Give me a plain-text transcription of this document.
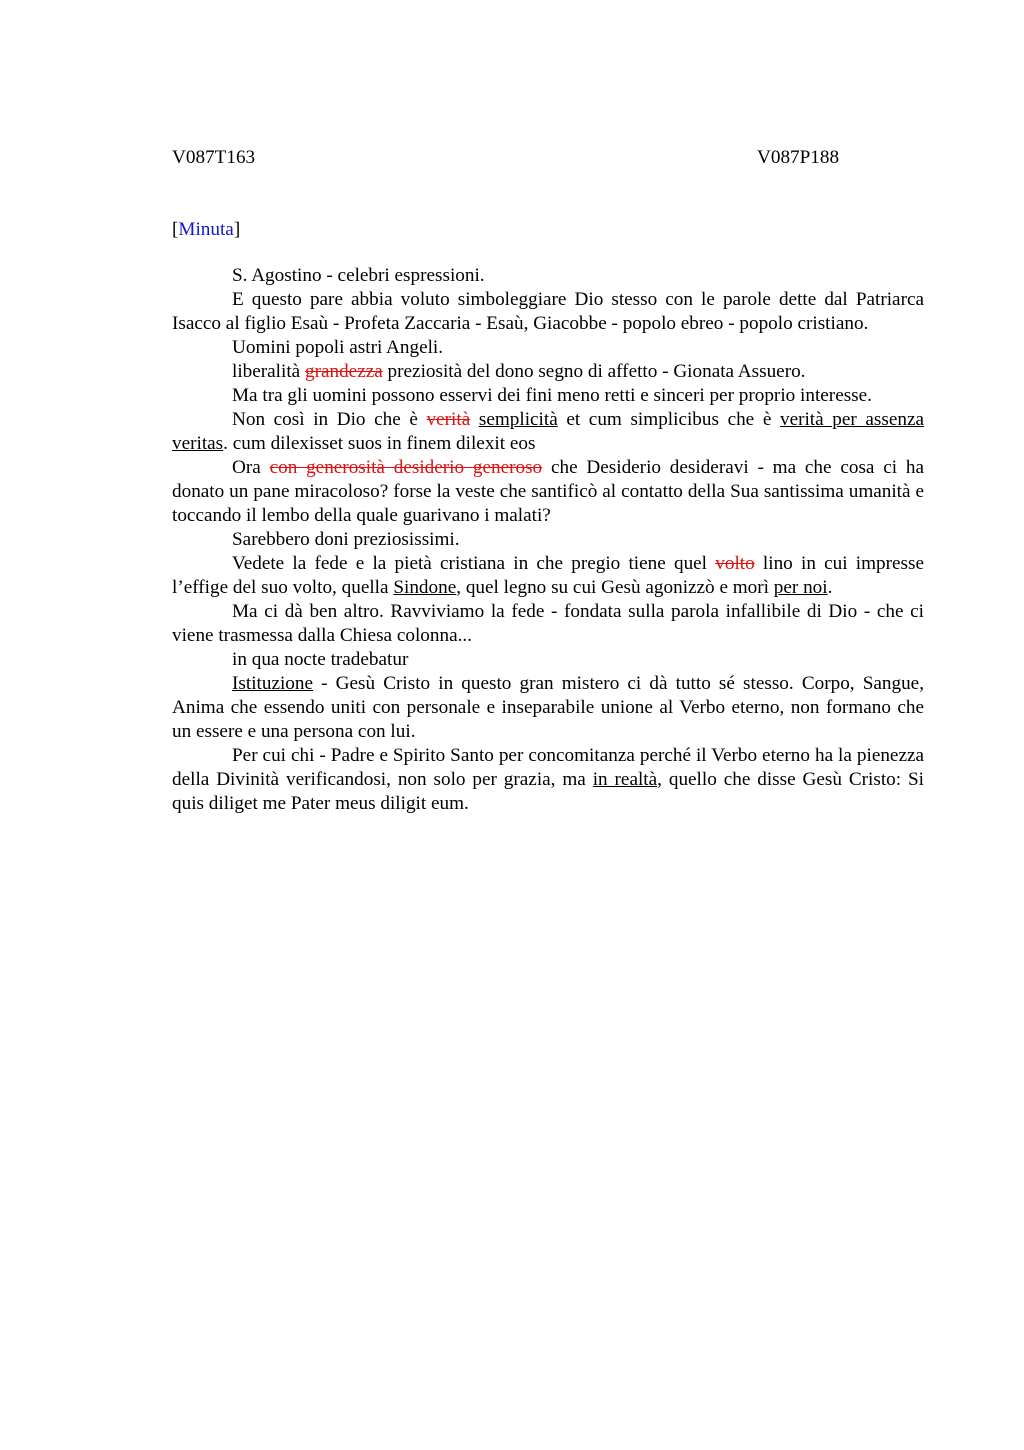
V087T163	V087P188
[Minuta]

S. Agostino - celebri espressioni.

E questo pare abbia voluto simboleggiare Dio stesso con le parole dette dal Patriarca Isacco al figlio Esaù - Profeta Zaccaria - Esaù, Giacobbe - popolo ebreo - popolo cristiano.

Uomini popoli astri Angeli.

liberalità grandezza preziosità del dono segno di affetto - Gionata Assuero.

Ma tra gli uomini possono esservi dei fini meno retti e sinceri per proprio interesse.

Non così in Dio che è verità semplicità et cum simplicibus che è verità per assenza veritas. cum dilexisset suos in finem dilexit eos

Ora con generosità desiderio generoso che Desiderio desideravi - ma che cosa ci ha donato un pane miracoloso? forse la veste che santificò al contatto della Sua santissima umanità e toccando il lembo della quale guarivano i malati?

Sarebbero doni preziosissimi.

Vedete la fede e la pietà cristiana in che pregio tiene quel volto lino in cui impresse l’effige del suo volto, quella Sindone, quel legno su cui Gesù agonizzò e morì per noi.

Ma ci dà ben altro. Ravviviamo la fede - fondata sulla parola infallibile di Dio - che ci viene trasmessa dalla Chiesa colonna...

in qua nocte tradebatur

Istituzione - Gesù Cristo in questo gran mistero ci dà tutto sé stesso. Corpo, Sangue, Anima che essendo uniti con personale e inseparabile unione al Verbo eterno, non formano che un essere e una persona con lui.

Per cui chi - Padre e Spirito Santo per concomitanza perché il Verbo eterno ha la pienezza della Divinità verificandosi, non solo per grazia, ma in realtà, quello che disse Gesù Cristo: Si quis diliget me Pater meus diligit eum.
